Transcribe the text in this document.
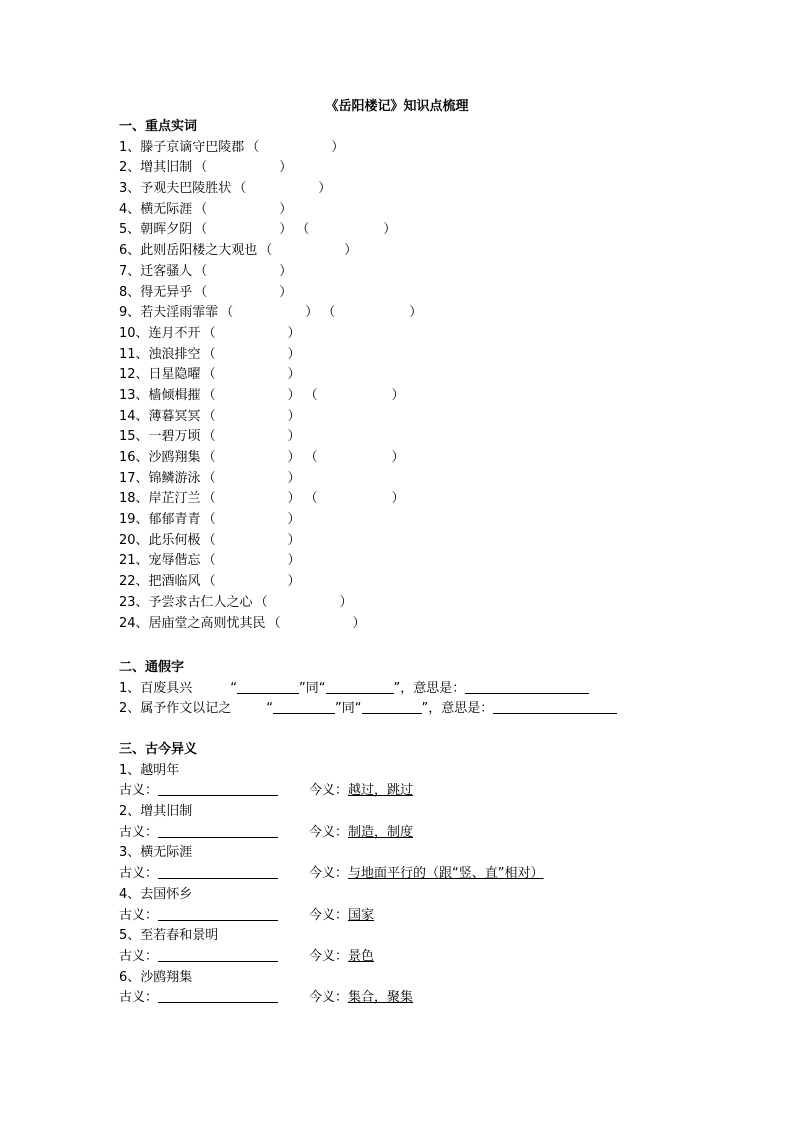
《岳阳楼记》知识点梳理
一、重点实词
1、滕子京谪守巴陵郡 （	）
2、增其旧制 （	）
3、予观夫巴陵胜状 （	）
4、横无际涯 （	）
5、朝晖夕阴 （	） （	）
6、此则岳阳楼之大观也 （	）
7、迁客骚人 （	）
8、得无异乎 （	）
9、若夫淫雨霏霏 （	） （	）
10、连月不开 （	）
11、浊浪排空 （	）
12、日星隐曜 （	）
13、樯倾楫摧 （	） （	）
14、薄暮冥冥 （	）
15、一碧万顷 （	）
16、沙鸥翔集 （	） （	）
17、锦鳞游泳 （	）
18、岸芷汀兰 （	） （	）
19、郁郁青青 （	）
20、此乐何极 （	）
21、宠辱偕忘 （	）
22、把酒临风 （	）
23、予尝求古仁人之心 （	）
24、居庙堂之高则忧其民 （	）
二、通假字
1、百废具兴	“	”同“	”，意思是：
2、属予作文以记之	“	”同“	”，意思是：
三、古今异义
1、越明年
古义：	今义：越过，跳过
2、增其旧制
古义：	今义：制造，制度
3、横无际涯
古义：	今义：与地面平行的（跟“竖、直”相对）
4、去国怀乡
古义：	今义：国家
5、至若春和景明
古义：	今义：景色
6、沙鸥翔集
古义：	今义：集合，聚集
